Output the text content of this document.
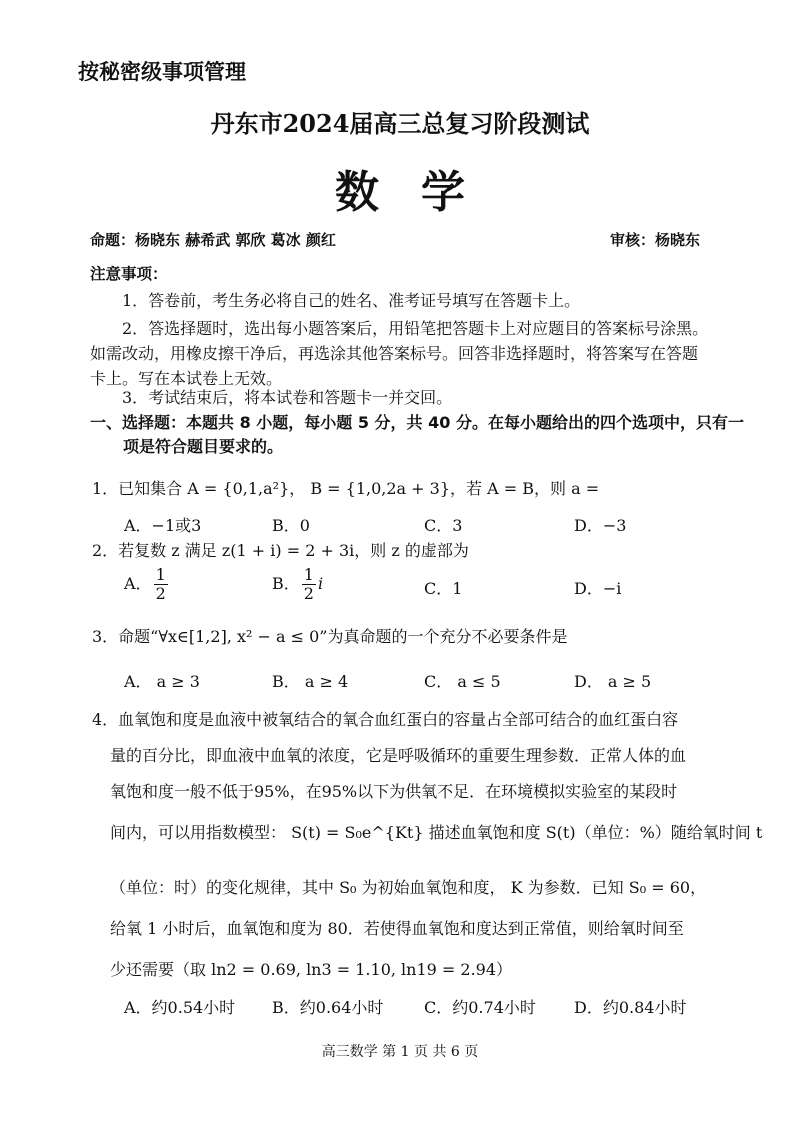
按秘密级事项管理
丹东市2024届高三总复习阶段测试
数学
命题：杨晓东 赫希武 郭欣 葛冰 颜红	审核：杨晓东
注意事项：
1．答卷前，考生务必将自己的姓名、准考证号填写在答题卡上。
2．答选择题时，选出每小题答案后，用铅笔把答题卡上对应题目的答案标号涂黑。如需改动，用橡皮擦干净后，再选涂其他答案标号。回答非选择题时，将答案写在答题卡上。写在本试卷上无效。
3．考试结束后，将本试卷和答题卡一并交回。
一、选择题：本题共 8 小题，每小题 5 分，共 40 分。在每小题给出的四个选项中，只有一项是符合题目要求的。
1．已知集合 A = {0,1,a²}， B = {1,0,2a + 3}，若 A = B，则 a =
A．−1或3	B．0	C．3	D．−3
2．若复数 z 满足 z(1 + i) = 2 + 3i，则 z 的虚部为
A． $\frac{1}{2}$	B． $\frac{1}{2}$ i	C．1	D．−i
3．命题“∀x∈[1,2], x² − a ≤ 0”为真命题的一个充分不必要条件是
A． a ≥ 3	B． a ≥ 4	C． a ≤ 5	D． a ≥ 5
4．血氧饱和度是血液中被氧结合的氧合血红蛋白的容量占全部可结合的血红蛋白容
量的百分比，即血液中血氧的浓度，它是呼吸循环的重要生理参数．正常人体的血
氧饱和度一般不低于95%，在95%以下为供氧不足．在环境模拟实验室的某段时
间内，可以用指数模型： S(t) = S₀e^{Kt} 描述血氧饱和度 S(t)（单位：%）随给氧时间 t
（单位：时）的变化规律，其中 S₀ 为初始血氧饱和度， K 为参数．已知 S₀ = 60，
给氧 1 小时后，血氧饱和度为 80．若使得血氧饱和度达到正常值，则给氧时间至
少还需要（取 ln2 = 0.69, ln3 = 1.10, ln19 = 2.94）
A．约0.54小时 B．约0.64小时	C．约0.74小时 D．约0.84小时
高三数学 第 1 页 共 6 页
